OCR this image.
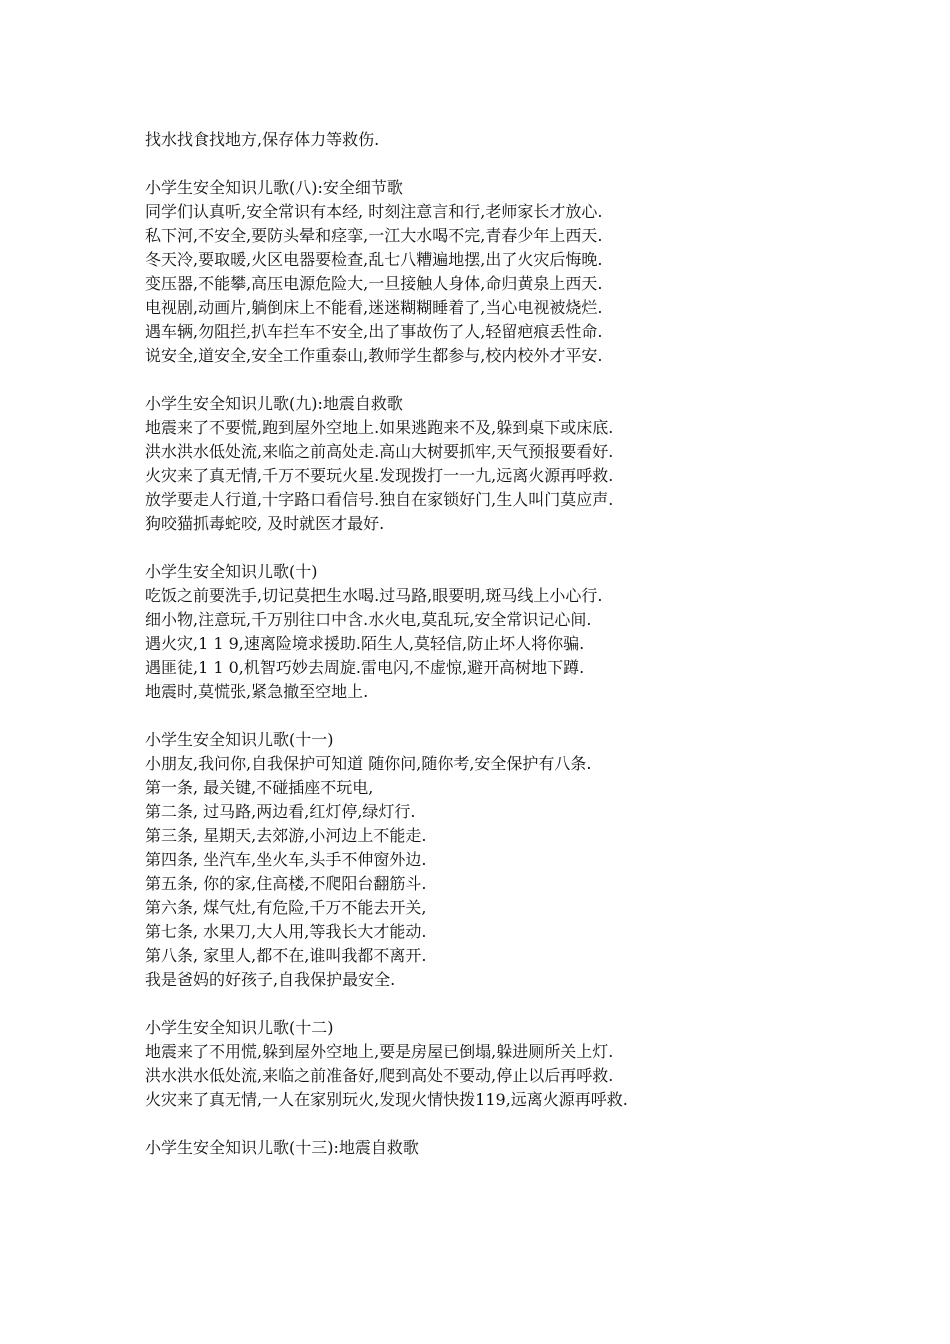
找水找食找地方,保存体力等救伤.
小学生安全知识儿歌(八):安全细节歌
同学们认真听,安全常识有本经, 时刻注意言和行,老师家长才放心.
私下河,不安全,要防头晕和痉挛,一江大水喝不完,青春少年上西天.
冬天冷,要取暖,火区电器要检查,乱七八糟遍地摆,出了火灾后悔晚.
变压器,不能攀,高压电源危险大,一旦接触人身体,命归黄泉上西天.
电视剧,动画片,躺倒床上不能看,迷迷糊糊睡着了,当心电视被烧烂.
遇车辆,勿阻拦,扒车拦车不安全,出了事故伤了人,轻留疤痕丢性命.
说安全,道安全,安全工作重泰山,教师学生都参与,校内校外才平安.
小学生安全知识儿歌(九):地震自救歌
地震来了不要慌,跑到屋外空地上.如果逃跑来不及,躲到桌下或床底.
洪水洪水低处流,来临之前高处走.高山大树要抓牢,天气预报要看好.
火灾来了真无情,千万不要玩火星.发现拨打一一九,远离火源再呼救.
放学要走人行道,十字路口看信号.独自在家锁好门,生人叫门莫应声.
狗咬猫抓毒蛇咬, 及时就医才最好.
小学生安全知识儿歌(十)
吃饭之前要洗手,切记莫把生水喝.过马路,眼要明,斑马线上小心行.
细小物,注意玩,千万别往口中含.水火电,莫乱玩,安全常识记心间.
遇火灾,1 1 9,速离险境求援助.陌生人,莫轻信,防止坏人将你骗.
遇匪徒,1 1 0,机智巧妙去周旋.雷电闪,不虚惊,避开高树地下蹲.
地震时,莫慌张,紧急撤至空地上.
小学生安全知识儿歌(十一)
小朋友,我问你,自我保护可知道 随你问,随你考,安全保护有八条.
第一条, 最关键,不碰插座不玩电,
第二条, 过马路,两边看,红灯停,绿灯行.
第三条, 星期天,去郊游,小河边上不能走.
第四条, 坐汽车,坐火车,头手不伸窗外边.
第五条, 你的家,住高楼,不爬阳台翻筋斗.
第六条, 煤气灶,有危险,千万不能去开关,
第七条, 水果刀,大人用,等我长大才能动.
第八条, 家里人,都不在,谁叫我都不离开.
我是爸妈的好孩子,自我保护最安全.
小学生安全知识儿歌(十二)
地震来了不用慌,躲到屋外空地上,要是房屋已倒塌,躲进厕所关上灯.
洪水洪水低处流,来临之前准备好,爬到高处不要动,停止以后再呼救.
火灾来了真无情,一人在家别玩火,发现火情快拨119,远离火源再呼救.
小学生安全知识儿歌(十三):地震自救歌
